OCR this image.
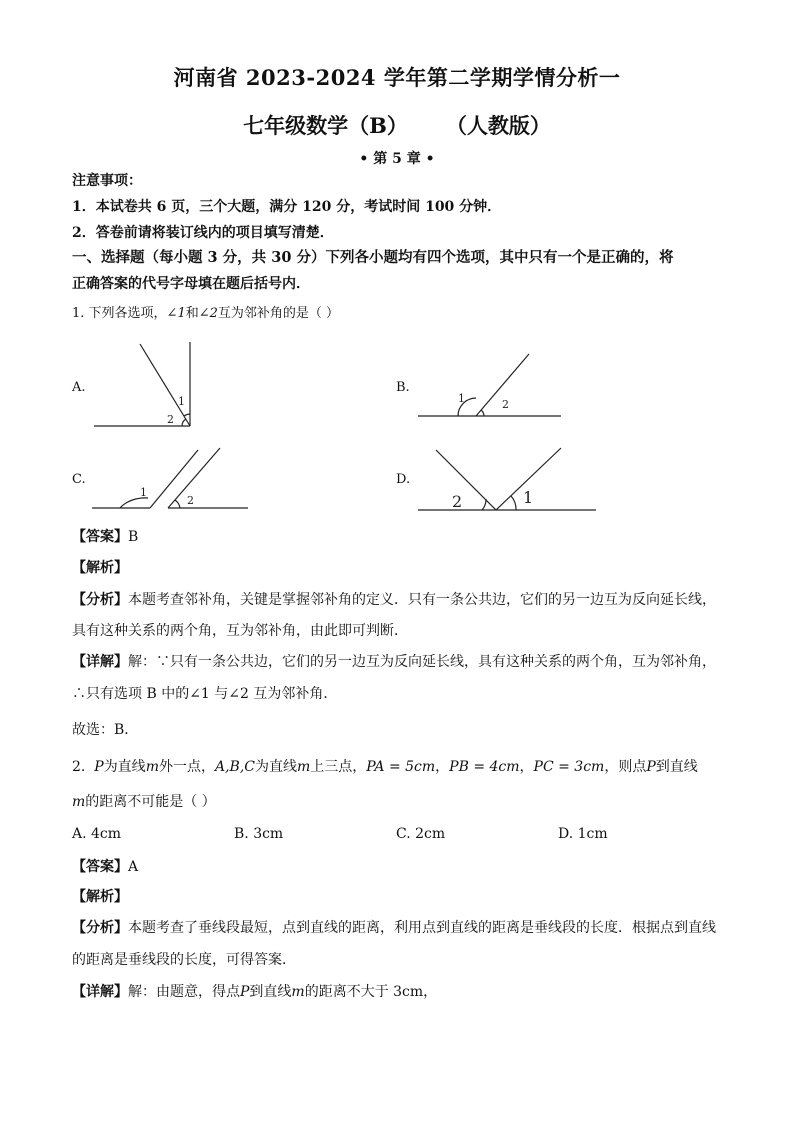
河南省 2023-2024 学年第二学期学情分析一
七年级数学（B） （人教版）
• 第 5 章 •
注意事项：
1．本试卷共 6 页，三个大题，满分 120 分，考试时间 100 分钟．
2．答卷前请将装订线内的项目填写清楚．
一、选择题（每小题 3 分，共 30 分）下列各小题均有四个选项，其中只有一个是正确的，将
正确答案的代号字母填在题后括号内．
1. 下列各选项，∠1和∠2互为邻补角的是（ ）
A.
1
2
B.
1	2
C.
1
2
D.
2	1
【答案】B
【解析】
【分析】本题考查邻补角，关键是掌握邻补角的定义．只有一条公共边，它们的另一边互为反向延长线，
具有这种关系的两个角，互为邻补角，由此即可判断．
【详解】解：∵只有一条公共边，它们的另一边互为反向延长线，具有这种关系的两个角，互为邻补角，
∴只有选项 B 中的∠1 与∠2 互为邻补角．
故选：B．
2. P为直线m外一点，A,B,C为直线m上三点，PA = 5cm，PB = 4cm，PC = 3cm，则点P到直线
m的距离不可能是（ ）
A. 4cm	B. 3cm	C. 2cm	D. 1cm
【答案】A
【解析】
【分析】本题考查了垂线段最短，点到直线的距离，利用点到直线的距离是垂线段的长度．根据点到直线
的距离是垂线段的长度，可得答案．
【详解】解：由题意，得点P到直线m的距离不大于 3cm，
